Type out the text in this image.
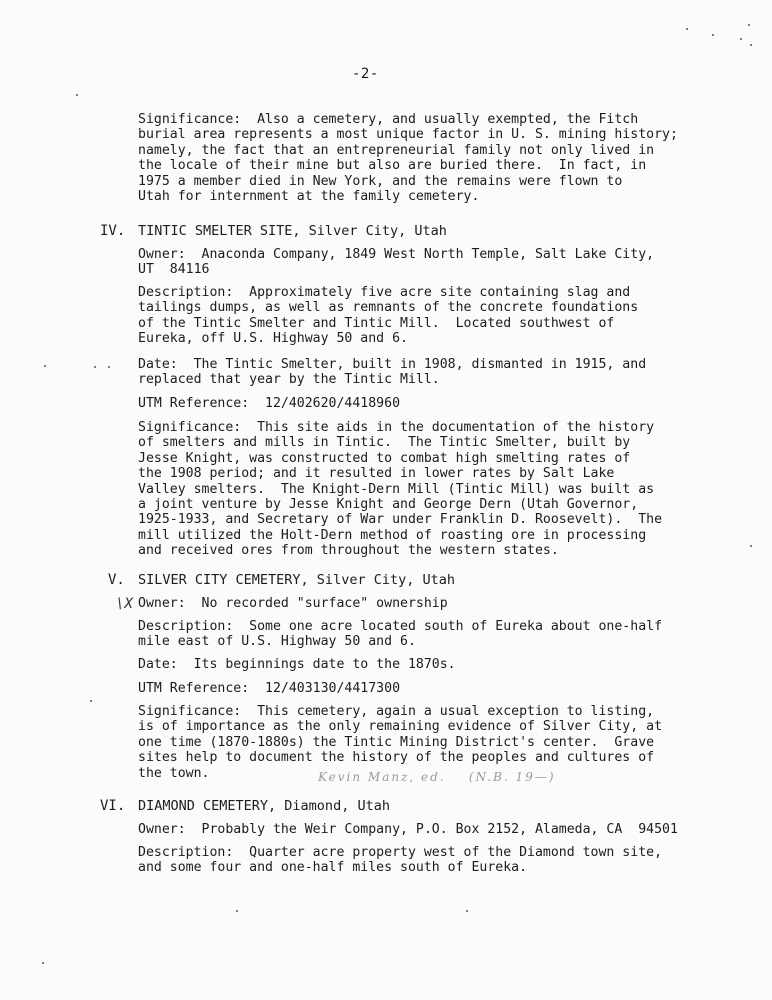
-2-

Significance:  Also a cemetery, and usually exempted, the Fitch
burial area represents a most unique factor in U. S. mining history;
namely, the fact that an entrepreneurial family not only lived in
the locale of their mine but also are buried there.  In fact, in
1975 a member died in New York, and the remains were flown to
Utah for internment at the family cemetery.

IV. TINTIC SMELTER SITE, Silver City, Utah

Owner:  Anaconda Company, 1849 West North Temple, Salt Lake City,
UT  84116

Description:  Approximately five acre site containing slag and
tailings dumps, as well as remnants of the concrete foundations
of the Tintic Smelter and Tintic Mill.  Located southwest of
Eureka, off U.S. Highway 50 and 6.

Date:  The Tintic Smelter, built in 1908, dismanted in 1915, and
replaced that year by the Tintic Mill.

UTM Reference:  12/402620/4418960

Significance:  This site aids in the documentation of the history
of smelters and mills in Tintic.  The Tintic Smelter, built by
Jesse Knight, was constructed to combat high smelting rates of
the 1908 period; and it resulted in lower rates by Salt Lake
Valley smelters.  The Knight-Dern Mill (Tintic Mill) was built as
a joint venture by Jesse Knight and George Dern (Utah Governor,
1925-1933, and Secretary of War under Franklin D. Roosevelt).  The
mill utilized the Holt-Dern method of roasting ore in processing
and received ores from throughout the western states.

V. SILVER CITY CEMETERY, Silver City, Utah
\X Owner:  No recorded "surface" ownership

Description:  Some one acre located south of Eureka about one-half
mile east of U.S. Highway 50 and 6.

Date:  Its beginnings date to the 1870s.

UTM Reference:  12/403130/4417300

Significance:  This cemetery, again a usual exception to listing,
is of importance as the only remaining evidence of Silver City, at
one time (1870-1880s) the Tintic Mining District's center.  Grave
sites help to document the history of the peoples and cultures of
the town.	Kevin Manz, ed.    (N.B. 19—)
VI. DIAMOND CEMETERY, Diamond, Utah

Owner:  Probably the Weir Company, P.O. Box 2152, Alameda, CA  94501

Description:  Quarter acre property west of the Diamond town site,
and some four and one-half miles south of Eureka.
